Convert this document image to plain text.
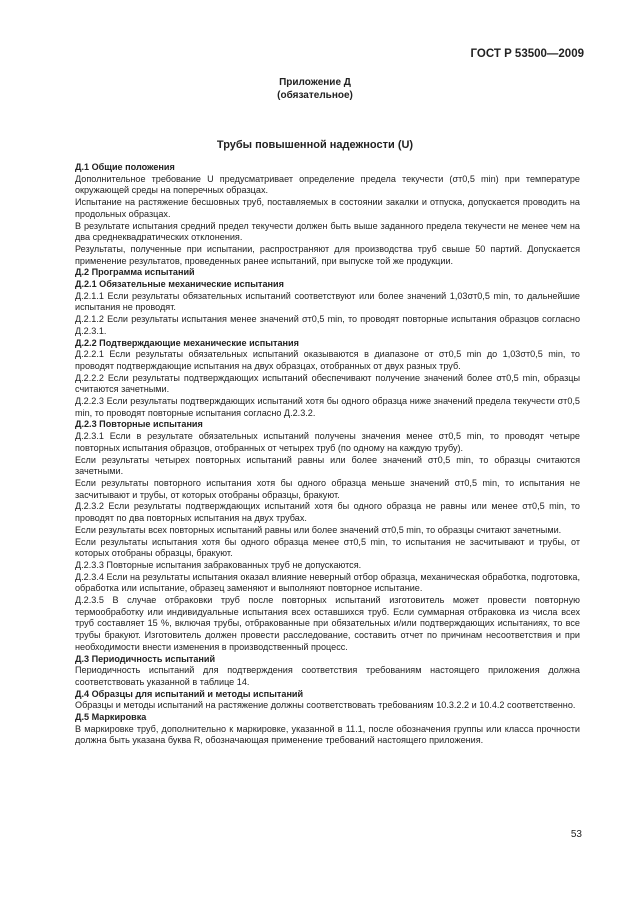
ГОСТ Р 53500—2009
Приложение Д
(обязательное)
Трубы повышенной надежности (U)

Д.1 Общие положения

Дополнительное требование U предусматривает определение предела текучести (σт0,5 min) при температуре окружающей среды на поперечных образцах.

Испытание на растяжение бесшовных труб, поставляемых в состоянии закалки и отпуска, допускается проводить на продольных образцах.

В результате испытания средний предел текучести должен быть выше заданного предела текучести не менее чем на два среднеквадратических отклонения.

Результаты, полученные при испытании, распространяют для производства труб свыше 50 партий. Допускается применение результатов, проведенных ранее испытаний, при выпуске той же продукции.

Д.2 Программа испытаний

Д.2.1 Обязательные механические испытания

Д.2.1.1 Если результаты обязательных испытаний соответствуют или более значений 1,03σт0,5 min, то дальнейшие испытания не проводят.

Д.2.1.2 Если результаты испытания менее значений σт0,5 min, то проводят повторные испытания образцов согласно Д.2.3.1.

Д.2.2 Подтверждающие механические испытания

Д.2.2.1 Если результаты обязательных испытаний оказываются в диапазоне от σт0,5 min до 1,03σт0,5 min, то проводят подтверждающие испытания на двух образцах, отобранных от двух разных труб.

Д.2.2.2 Если результаты подтверждающих испытаний обеспечивают получение значений более σт0,5 min, образцы считаются зачетными.

Д.2.2.3 Если результаты подтверждающих испытаний хотя бы одного образца ниже значений предела текучести σт0,5 min, то проводят повторные испытания согласно Д.2.3.2.

Д.2.3 Повторные испытания

Д.2.3.1 Если в результате обязательных испытаний получены значения менее σт0,5 min, то проводят четыре повторных испытания образцов, отобранных от четырех труб (по одному на каждую трубу).

Если результаты четырех повторных испытаний равны или более значений σт0,5 min, то образцы считаются зачетными.

Если результаты повторного испытания хотя бы одного образца меньше значений σт0,5 min, то испытания не засчитывают и трубы, от которых отобраны образцы, бракуют.

Д.2.3.2 Если результаты подтверждающих испытаний хотя бы одного образца не равны или менее σт0,5 min, то проводят по два повторных испытания на двух трубах.

Если результаты всех повторных испытаний равны или более значений σт0,5 min, то образцы считают зачетными.

Если результаты испытания хотя бы одного образца менее σт0,5 min, то испытания не засчитывают и трубы, от которых отобраны образцы, бракуют.

Д.2.3.3 Повторные испытания забракованных труб не допускаются.

Д.2.3.4 Если на результаты испытания оказал влияние неверный отбор образца, механическая обработка, подготовка, обработка или испытание, образец заменяют и выполняют повторное испытание.

Д.2.3.5 В случае отбраковки труб после повторных испытаний изготовитель может провести повторную термообработку или индивидуальные испытания всех оставшихся труб. Если суммарная отбраковка из числа всех труб составляет 15 %, включая трубы, отбракованные при обязательных и/или подтверждающих испытаниях, то все трубы бракуют. Изготовитель должен провести расследование, составить отчет по причинам несоответствия и при необходимости внести изменения в производственный процесс.

Д.3 Периодичность испытаний

Периодичность испытаний для подтверждения соответствия требованиям настоящего приложения должна соответствовать указанной в таблице 14.

Д.4 Образцы для испытаний и методы испытаний

Образцы и методы испытаний на растяжение должны соответствовать требованиям 10.3.2.2 и 10.4.2 соответственно.

Д.5 Маркировка

В маркировке труб, дополнительно к маркировке, указанной в 11.1, после обозначения группы или класса прочности должна быть указана буква R, обозначающая применение требований настоящего приложения.

53
